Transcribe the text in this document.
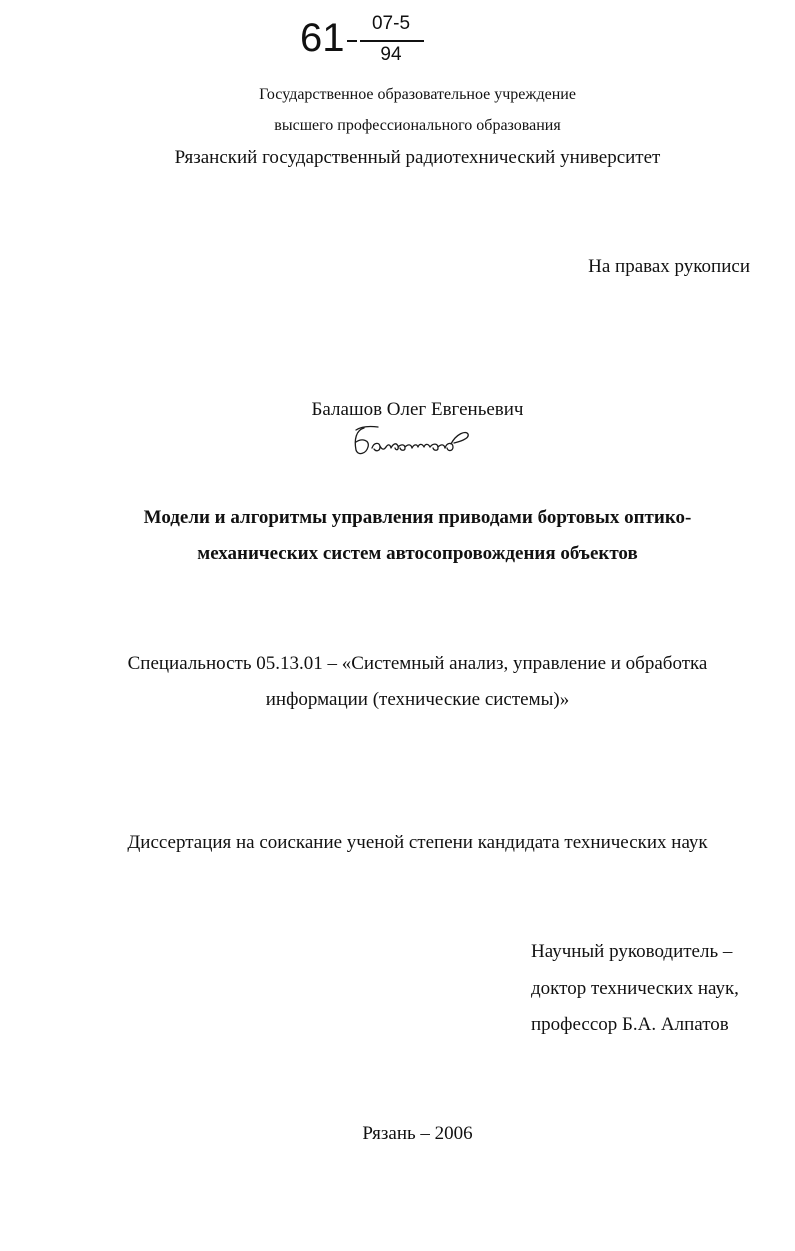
61	07-5
94
Государственное образовательное учреждение
высшего профессионального образования
Рязанский государственный радиотехнический университет
На правах рукописи
Балашов Олег Евгеньевич
Модели и алгоритмы управления приводами бортовых оптико-
механических систем автосопровождения объектов
Специальность 05.13.01 – «Системный анализ, управление и обработка
информации (технические системы)»
Диссертация на соискание ученой степени кандидата технических наук
Научный руководитель –
доктор технических наук,
профессор Б.А. Алпатов
Рязань – 2006
